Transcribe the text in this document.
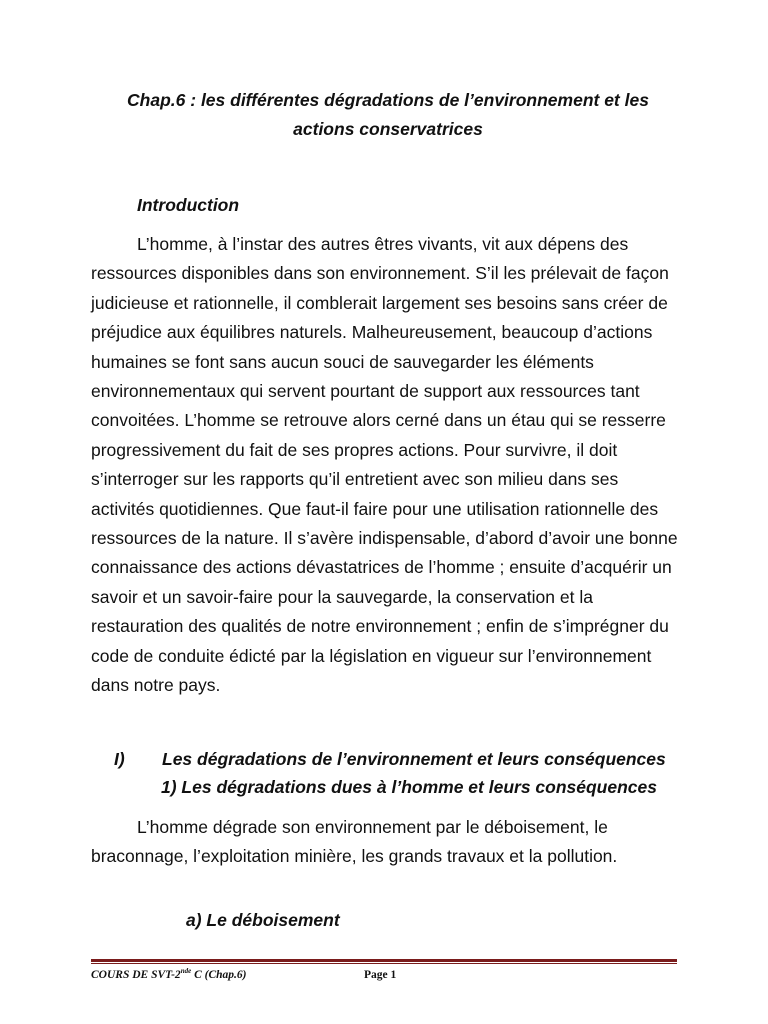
Chap.6 : les différentes dégradations de l’environnement et les actions conservatrices
Introduction
L’homme, à l’instar des autres êtres vivants, vit aux dépens des ressources disponibles dans son environnement. S’il les prélevait de façon judicieuse et rationnelle, il comblerait largement ses besoins sans créer de préjudice aux équilibres naturels. Malheureusement, beaucoup d’actions humaines se font sans aucun souci de sauvegarder les éléments environnementaux qui servent pourtant de support aux ressources tant convoitées. L’homme se retrouve alors cerné dans un étau qui se resserre progressivement du fait de ses propres actions. Pour survivre, il doit s’interroger sur les rapports qu’il entretient avec son milieu dans ses activités quotidiennes. Que faut-il faire pour une utilisation rationnelle des ressources de la nature. Il s’avère indispensable, d’abord d’avoir une bonne connaissance des actions dévastatrices de l’homme ; ensuite d’acquérir un savoir et un savoir-faire pour la sauvegarde, la conservation et la restauration des qualités de notre environnement ; enfin de s’imprégner du code de conduite édicté par la législation en vigueur sur l’environnement dans notre pays.
I) Les dégradations de l’environnement et leurs conséquences
1) Les dégradations dues à l’homme et leurs conséquences
L’homme dégrade son environnement par le déboisement, le braconnage, l’exploitation minière, les grands travaux et la pollution.
a) Le déboisement
COURS DE SVT-2nde C (Chap.6)	Page 1
